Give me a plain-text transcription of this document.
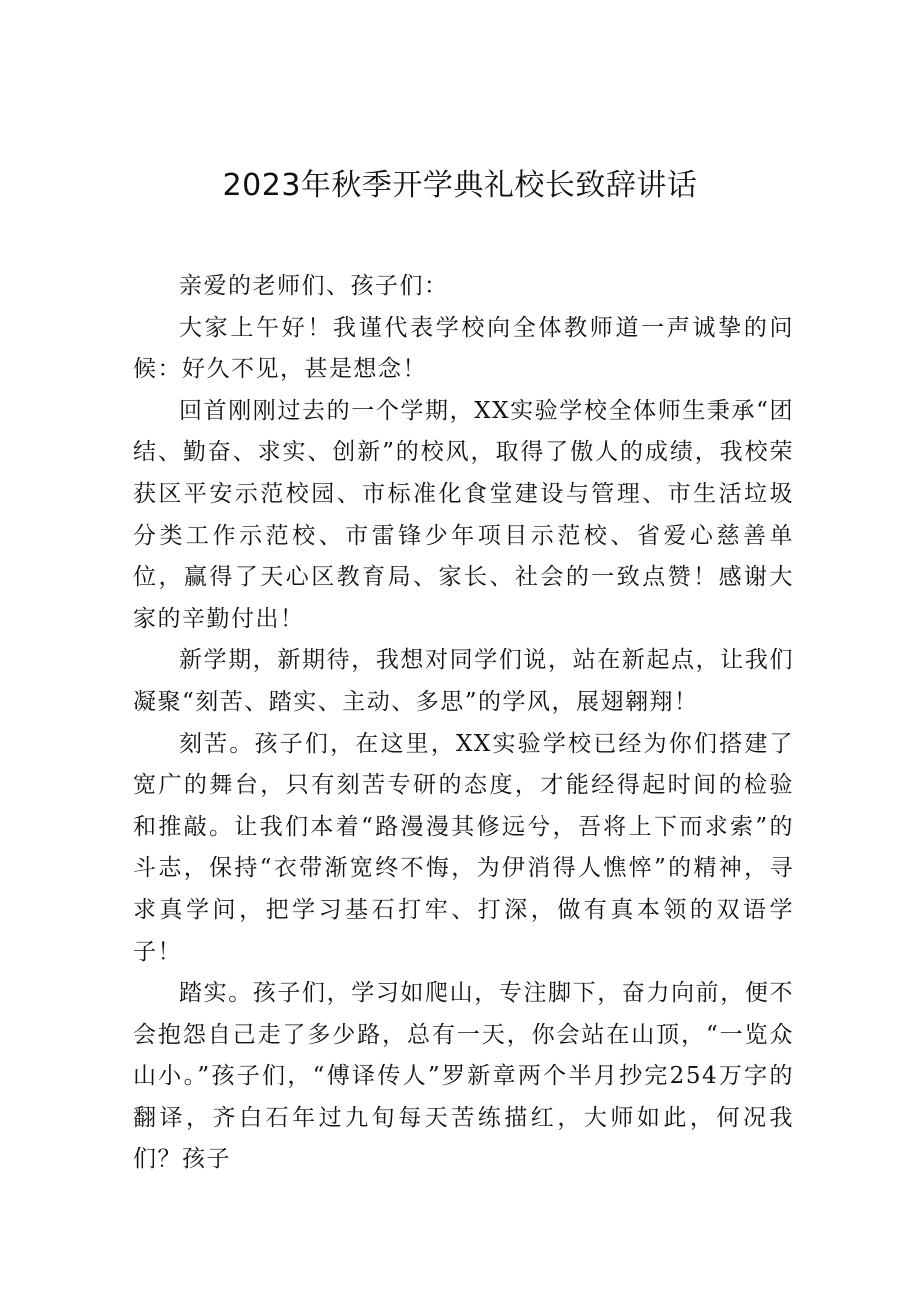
2023年秋季开学典礼校长致辞讲话

亲爱的老师们、孩子们：

大家上午好！我谨代表学校向全体教师道一声诚挚的问候：好久不见，甚是想念！

回首刚刚过去的一个学期，XX实验学校全体师生秉承“团结、勤奋、求实、创新”的校风，取得了傲人的成绩，我校荣获区平安示范校园、市标准化食堂建设与管理、市生活垃圾分类工作示范校、市雷锋少年项目示范校、省爱心慈善单位，赢得了天心区教育局、家长、社会的一致点赞！感谢大家的辛勤付出！

新学期，新期待，我想对同学们说，站在新起点，让我们凝聚“刻苦、踏实、主动、多思”的学风，展翅翱翔！

刻苦。孩子们，在这里，XX实验学校已经为你们搭建了宽广的舞台，只有刻苦专研的态度，才能经得起时间的检验和推敲。让我们本着“路漫漫其修远兮，吾将上下而求索”的斗志，保持“衣带渐宽终不悔，为伊消得人憔悴”的精神，寻求真学问，把学习基石打牢、打深，做有真本领的双语学子！

踏实。孩子们，学习如爬山，专注脚下，奋力向前，便不会抱怨自己走了多少路，总有一天，你会站在山顶，“一览众山小。”孩子们，“傅译传人”罗新章两个半月抄完254万字的翻译，齐白石年过九旬每天苦练描红，大师如此，何况我们？孩子
